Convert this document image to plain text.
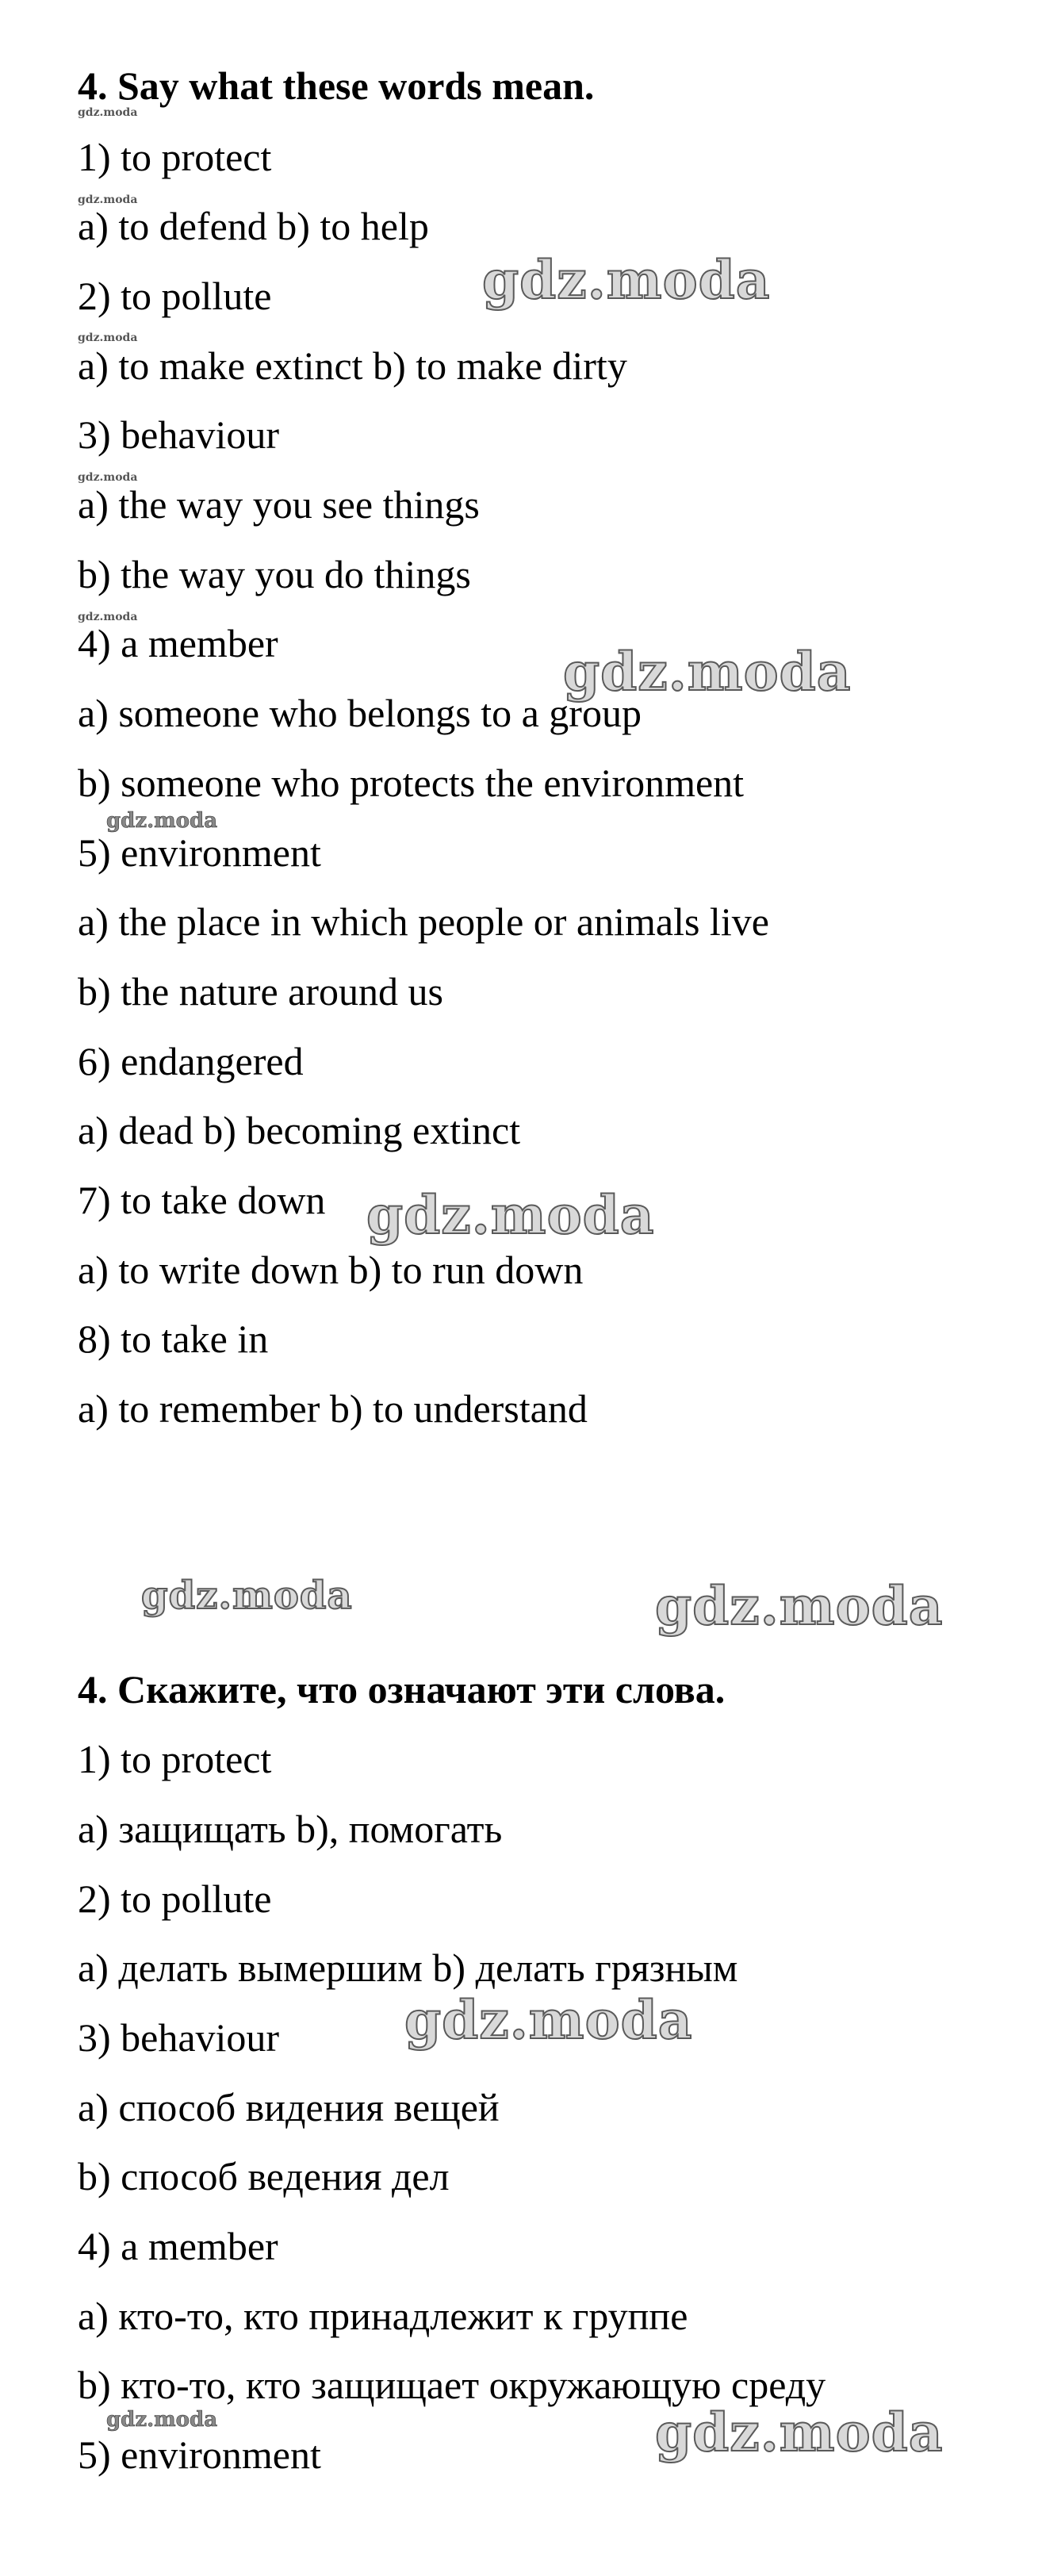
4. Say what these words mean.
1) to protect
a) to defend b) to help
2) to pollute
a) to make extinct b) to make dirty
3) behaviour
a) the way you see things
b) the way you do things
4) a member
a) someone who belongs to a group
b) someone who protects the environment
5) environment
a) the place in which people or animals live
b) the nature around us
6) endangered
a) dead b) becoming extinct
7) to take down
a) to write down b) to run down
8) to take in
a) to remember b) to understand
4. Скажите, что означают эти слова.
1) to protect
а) защищать b), помогать
2) to pollute
а) делать вымершим b) делать грязным
3) behaviour
а) способ видения вещей
b) способ ведения дел
4) a member
а) кто-то, кто принадлежит к группе
b) кто-то, кто защищает окружающую среду
5) environment
gdz.moda
gdz.moda
gdz.moda
gdz.moda
gdz.moda
gdz.moda
gdz.moda
gdz.moda
gdz.moda
gdz.moda	gdz.moda
gdz.moda
gdz.moda	gdz.moda
